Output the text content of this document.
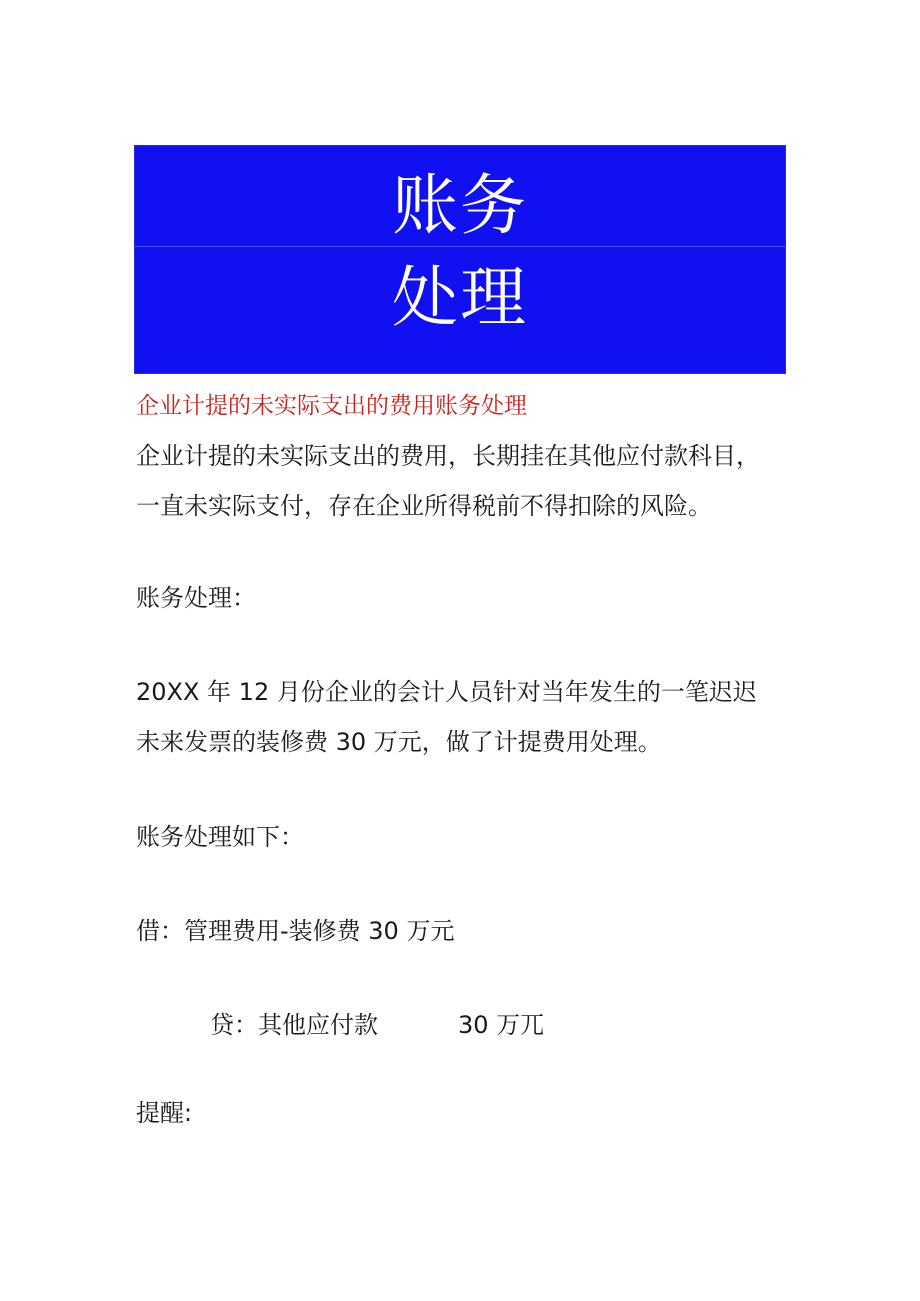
账务
处理
企业计提的未实际支出的费用账务处理
企业计提的未实际支出的费用，长期挂在其他应付款科目，
一直未实际支付，存在企业所得税前不得扣除的风险。
账务处理：
20XX 年 12 月份企业的会计人员针对当年发生的一笔迟迟
未来发票的装修费 30 万元，做了计提费用处理。
账务处理如下：
借：管理费用-装修费 30 万元
贷：其他应付款	30 万兀
提醒:
